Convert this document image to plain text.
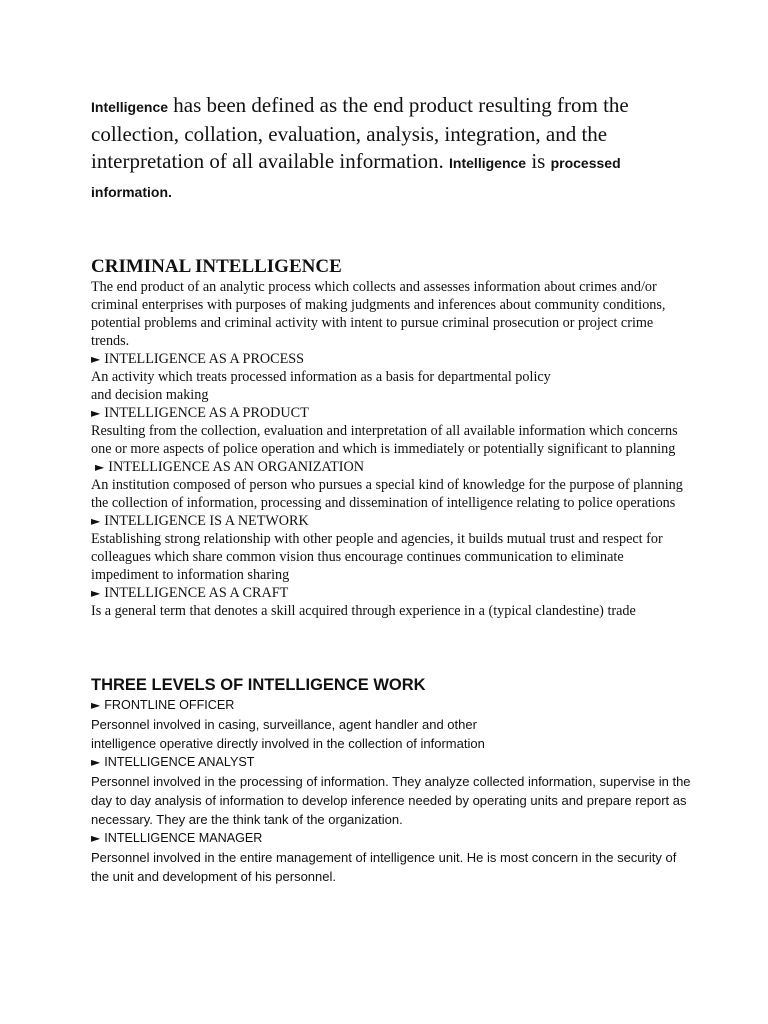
Intelligence has been defined as the end product resulting from the collection, collation, evaluation, analysis, integration, and the interpretation of all available information. Intelligence is processed
information.

CRIMINAL INTELLIGENCE

The end product of an analytic process which collects and assesses information about crimes and/or criminal enterprises with purposes of making judgments and inferences about community conditions, potential problems and criminal activity with intent to pursue criminal prosecution or project crime trends.

► INTELLIGENCE AS A PROCESS

An activity which treats processed information as a basis for departmental policy

and decision making

► INTELLIGENCE AS A PRODUCT

Resulting from the collection, evaluation and interpretation of all available information which concerns one or more aspects of police operation and which is immediately or potentially significant to planning

► INTELLIGENCE AS AN ORGANIZATION

An institution composed of person who pursues a special kind of knowledge for the purpose of planning the collection of information, processing and dissemination of intelligence relating to police operations

► INTELLIGENCE IS A NETWORK

Establishing strong relationship with other people and agencies, it builds mutual trust and respect for colleagues which share common vision thus encourage continues communication to eliminate impediment to information sharing

► INTELLIGENCE AS A CRAFT

Is a general term that denotes a skill acquired through experience in a (typical clandestine) trade

THREE LEVELS OF INTELLIGENCE WORK

► FRONTLINE OFFICER

Personnel involved in casing, surveillance, agent handler and other

intelligence operative directly involved in the collection of information

► INTELLIGENCE ANALYST

Personnel involved in the processing of information. They analyze collected information, supervise in the day to day analysis of information to develop inference needed by operating units and prepare report as necessary. They are the think tank of the organization.

► INTELLIGENCE MANAGER

Personnel involved in the entire management of intelligence unit. He is most concern in the security of the unit and development of his personnel.
